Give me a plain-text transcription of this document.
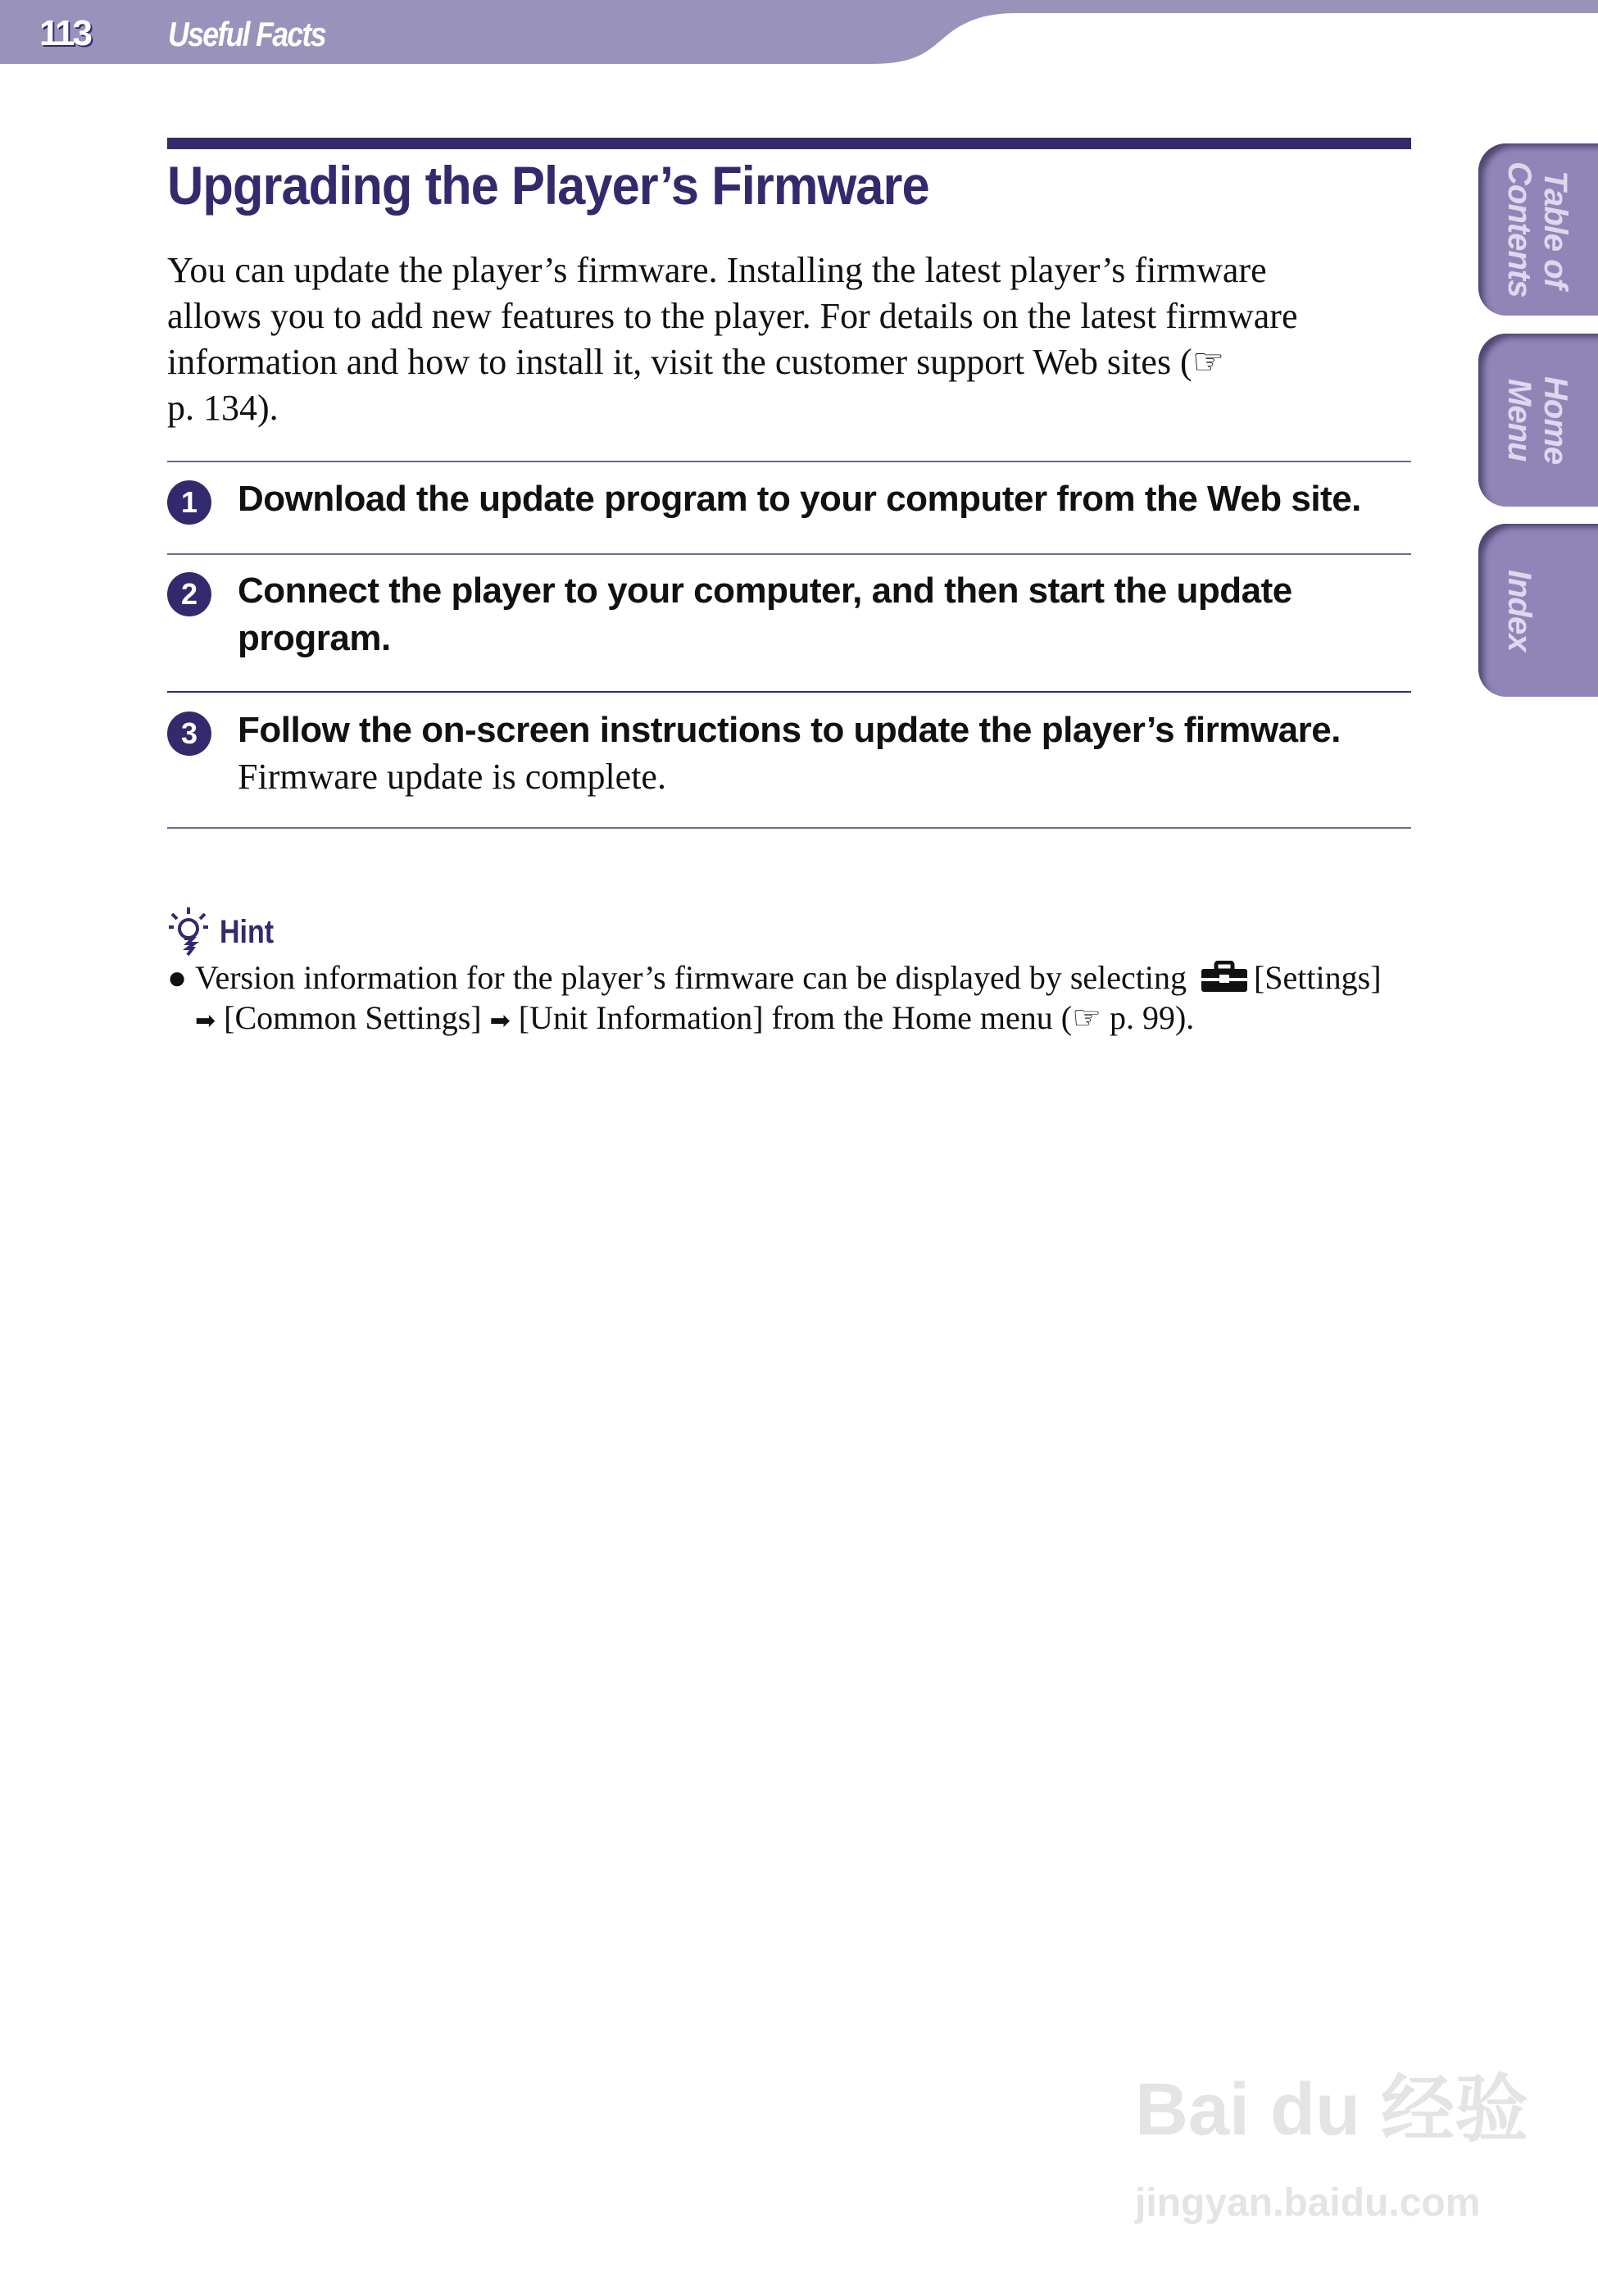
113 Useful Facts
Upgrading the Player’s Firmware
You can update the player’s firmware. Installing the latest player’s firmware
allows you to add new features to the player. For details on the latest firmware
information and how to install it, visit the customer support Web sites (☞
p. 134).
1	Download the update program to your computer from the Web site.
2	Connect the player to your computer, and then start the update program.
3	Follow the on-screen instructions to update the player’s firmware.
Firmware update is complete.
Hint
● Version information for the player’s firmware can be displayed by selecting [Settings]
➡ [Common Settings] ➡ [Unit Information] from the Home menu (☞ p. 99).
Table of Contents
Home Menu
Index
Bai du 经验
jingyan.baidu.com
